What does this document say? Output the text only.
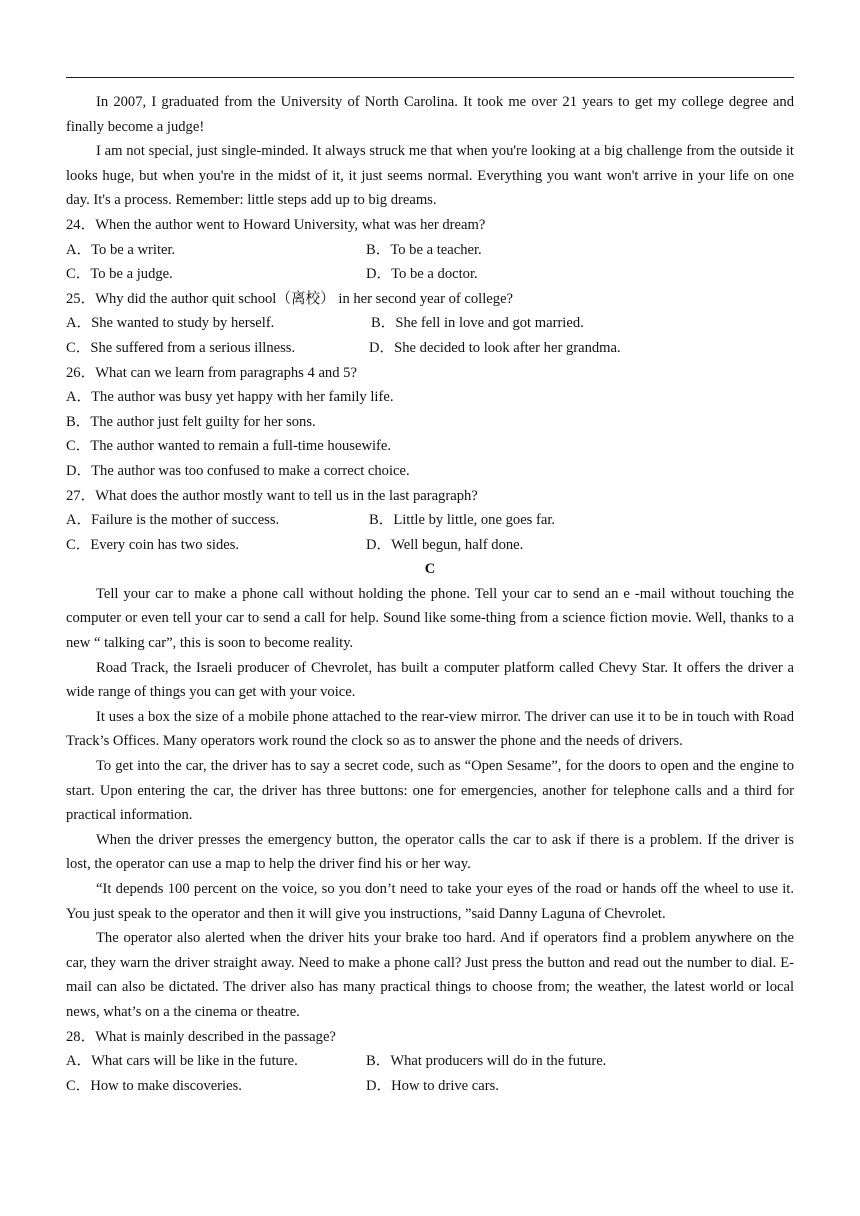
In 2007, I graduated from the University of North Carolina. It took me over 21 years to get my college degree and finally become a judge!

I am not special, just single-minded. It always struck me that when you're looking at a big challenge from the outside it looks huge, but when you're in the midst of it, it just seems normal. Everything you want won't arrive in your life on one day. It's a process. Remember: little steps add up to big dreams.

24．When the author went to Howard University, what was her dream?

A．To be a writer.	B．To be a teacher.
C．To be a judge.	D．To be a doctor.

25．Why did the author quit school（离校） in her second year of college?

A．She wanted to study by herself.	B．She fell in love and got married.
C．She suffered from a serious illness.	D．She decided to look after her grandma.

26．What can we learn from paragraphs 4 and 5?

A．The author was busy yet happy with her family life.

B．The author just felt guilty for her sons.

C．The author wanted to remain a full-time housewife.

D．The author was too confused to make a correct choice.

27．What does the author mostly want to tell us in the last paragraph?

A．Failure is the mother of success.	B．Little by little, one goes far.
C．Every coin has two sides.	D．Well begun, half done.

C

Tell your car to make a phone call without holding the phone. Tell your car to send an e -mail without touching the computer or even tell your car to send a call for help. Sound like some-thing from a science fiction movie. Well, thanks to a new “ talking car”, this is soon to become reality.

Road Track, the Israeli producer of Chevrolet, has built a computer platform called Chevy Star. It offers the driver a wide range of things you can get with your voice.

It uses a box the size of a mobile phone attached to the rear-view mirror. The driver can use it to be in touch with Road Track’s Offices. Many operators work round the clock so as to answer the phone and the needs of drivers.

To get into the car, the driver has to say a secret code, such as “Open Sesame”, for the doors to open and the engine to start. Upon entering the car, the driver has three buttons: one for emergencies, another for telephone calls and a third for practical information.

When the driver presses the emergency button, the operator calls the car to ask if there is a problem. If the driver is lost, the operator can use a map to help the driver find his or her way.

“It depends 100 percent on the voice, so you don’t need to take your eyes of the road or hands off the wheel to use it. You just speak to the operator and then it will give you instructions, ”said Danny Laguna of Chevrolet.

The operator also alerted when the driver hits your brake too hard. And if operators find a problem anywhere on the car, they warn the driver straight away. Need to make a phone call? Just press the button and read out the number to dial. E-mail can also be dictated. The driver also has many practical things to choose from; the weather, the latest world or local news, what’s on a the cinema or theatre.

28．What is mainly described in the passage?

A．What cars will be like in the future.	B．What producers will do in the future.
C．How to make discoveries.	D．How to drive cars.
